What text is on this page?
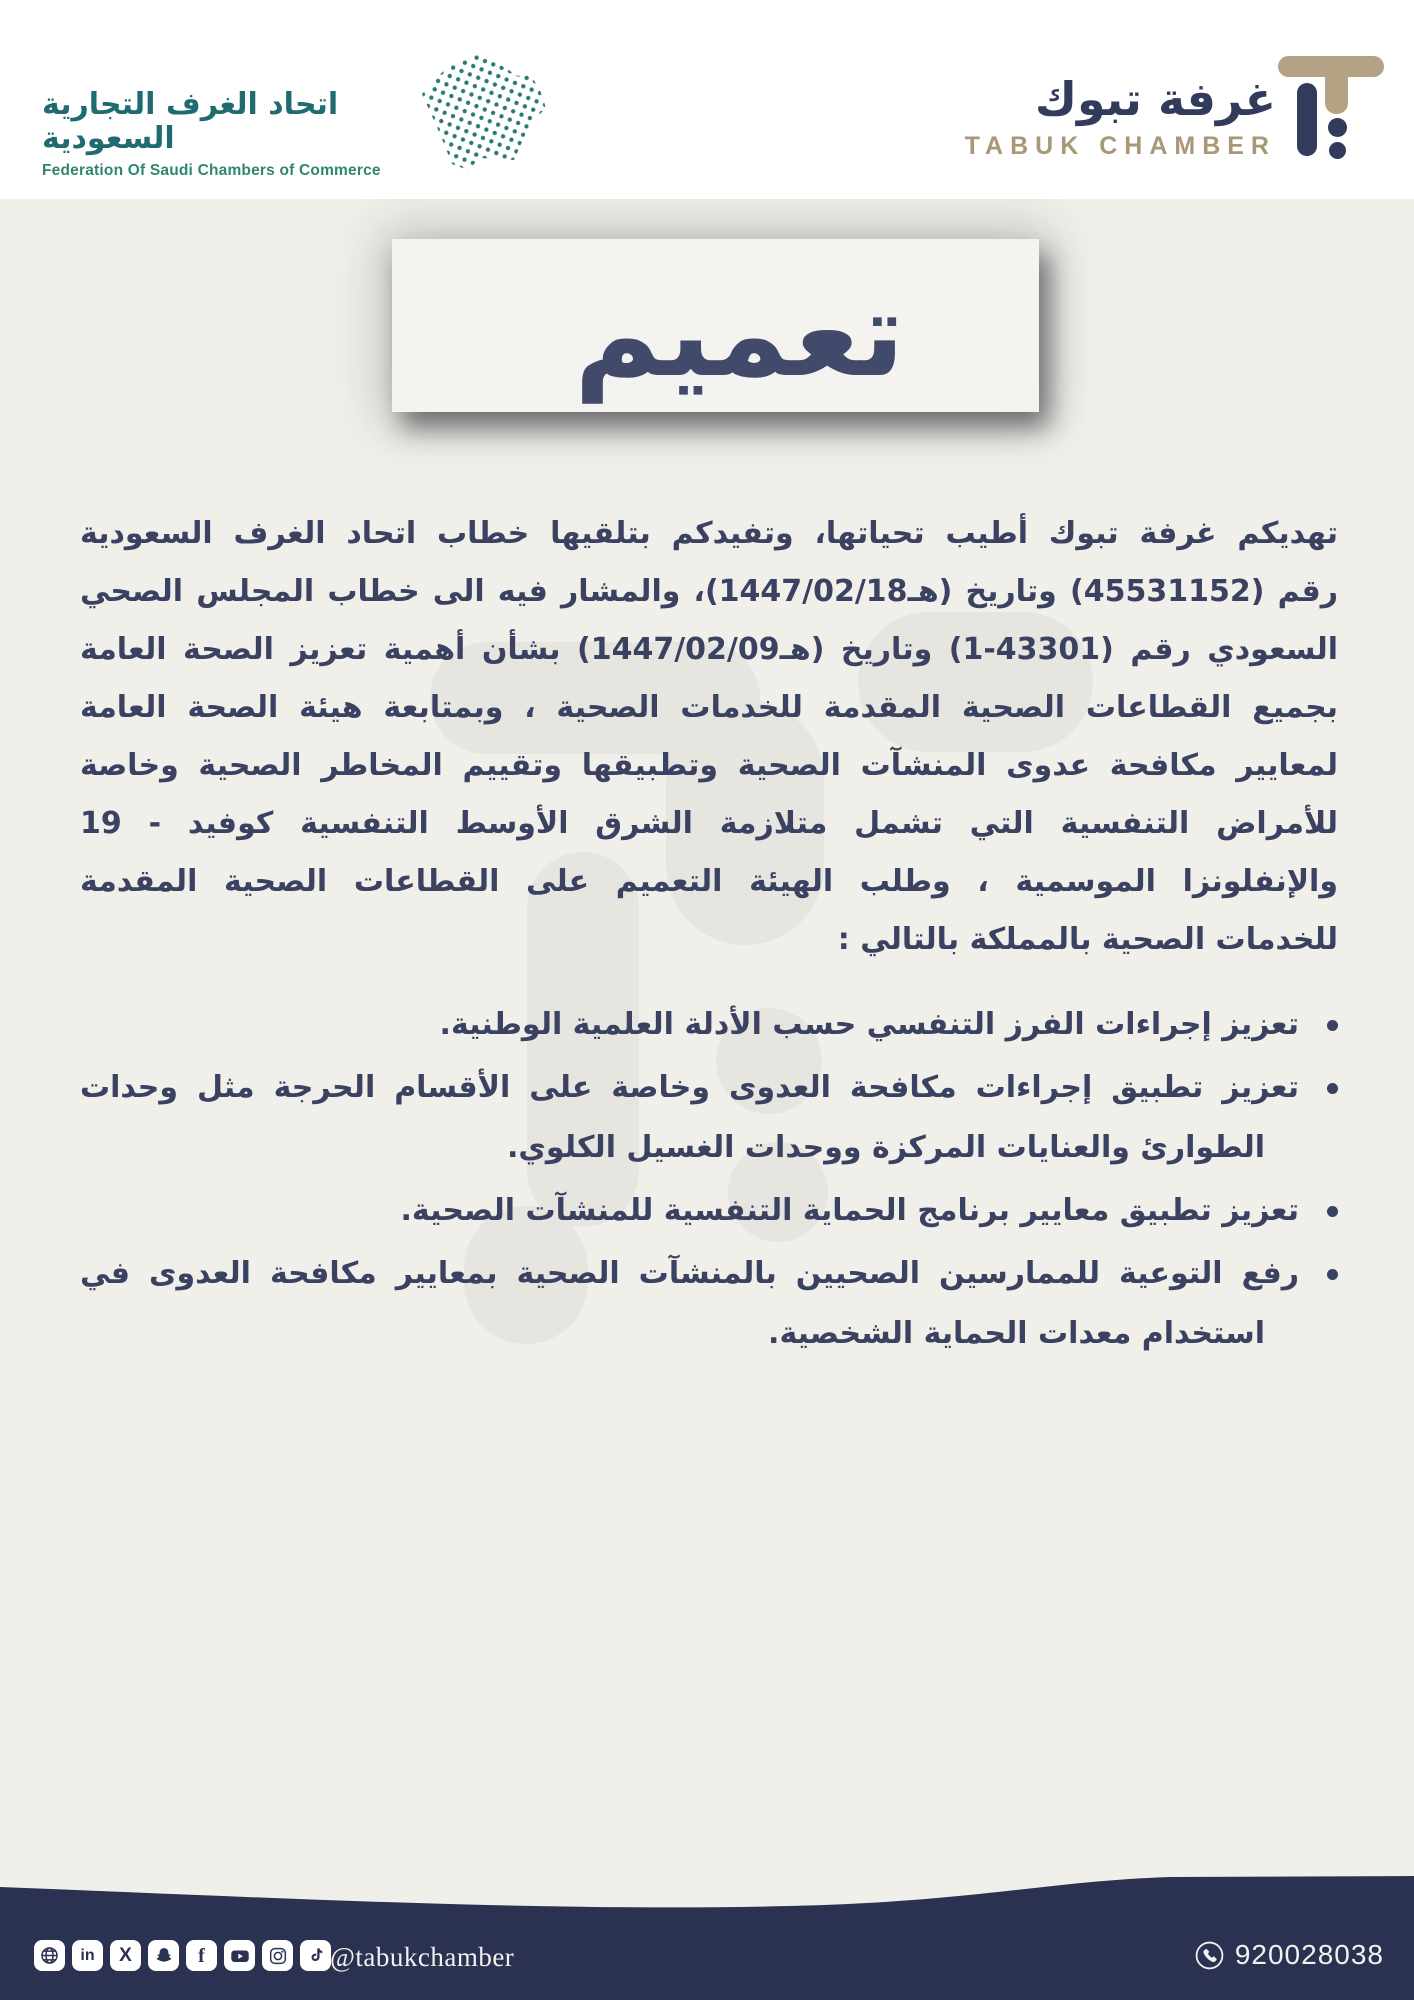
اتحاد الغرف التجارية السعودية
Federation Of Saudi Chambers of Commerce
غرفة تبوك
TABUK CHAMBER
تعميم
تهديكم غرفة تبوك أطيب تحياتها، وتفيدكم بتلقيها خطاب اتحاد الغرف السعودية
رقم (45531152) وتاريخ ⁦(1447/02/18هـ)⁩، والمشار فيه الى خطاب المجلس الصحي
السعودي رقم ⁦(1-43301)⁩ وتاريخ ⁦(1447/02/09هـ)⁩ بشأن أهمية تعزيز الصحة العامة
بجميع القطاعات الصحية المقدمة للخدمات الصحية ، وبمتابعة هيئة الصحة العامة
لمعايير مكافحة عدوى المنشآت الصحية وتطبيقها وتقييم المخاطر الصحية وخاصة
للأمراض التنفسية التي تشمل متلازمة الشرق الأوسط التنفسية كوفيد - 19
والإنفلونزا الموسمية ، وطلب الهيئة التعميم على القطاعات الصحية المقدمة
للخدمات الصحية بالمملكة بالتالي :
تعزيز إجراءات الفرز التنفسي حسب الأدلة العلمية الوطنية.
تعزيز تطبيق إجراءات مكافحة العدوى وخاصة على الأقسام الحرجة مثل وحدات
الطوارئ والعنايات المركزة ووحدات الغسيل الكلوي.
تعزيز تطبيق معايير برنامج الحماية التنفسية للمنشآت الصحية.
رفع التوعية للممارسين الصحيين بالمنشآت الصحية بمعايير مكافحة العدوى في
استخدام معدات الحماية الشخصية.
in X	f	@tabukchamber	920028038
